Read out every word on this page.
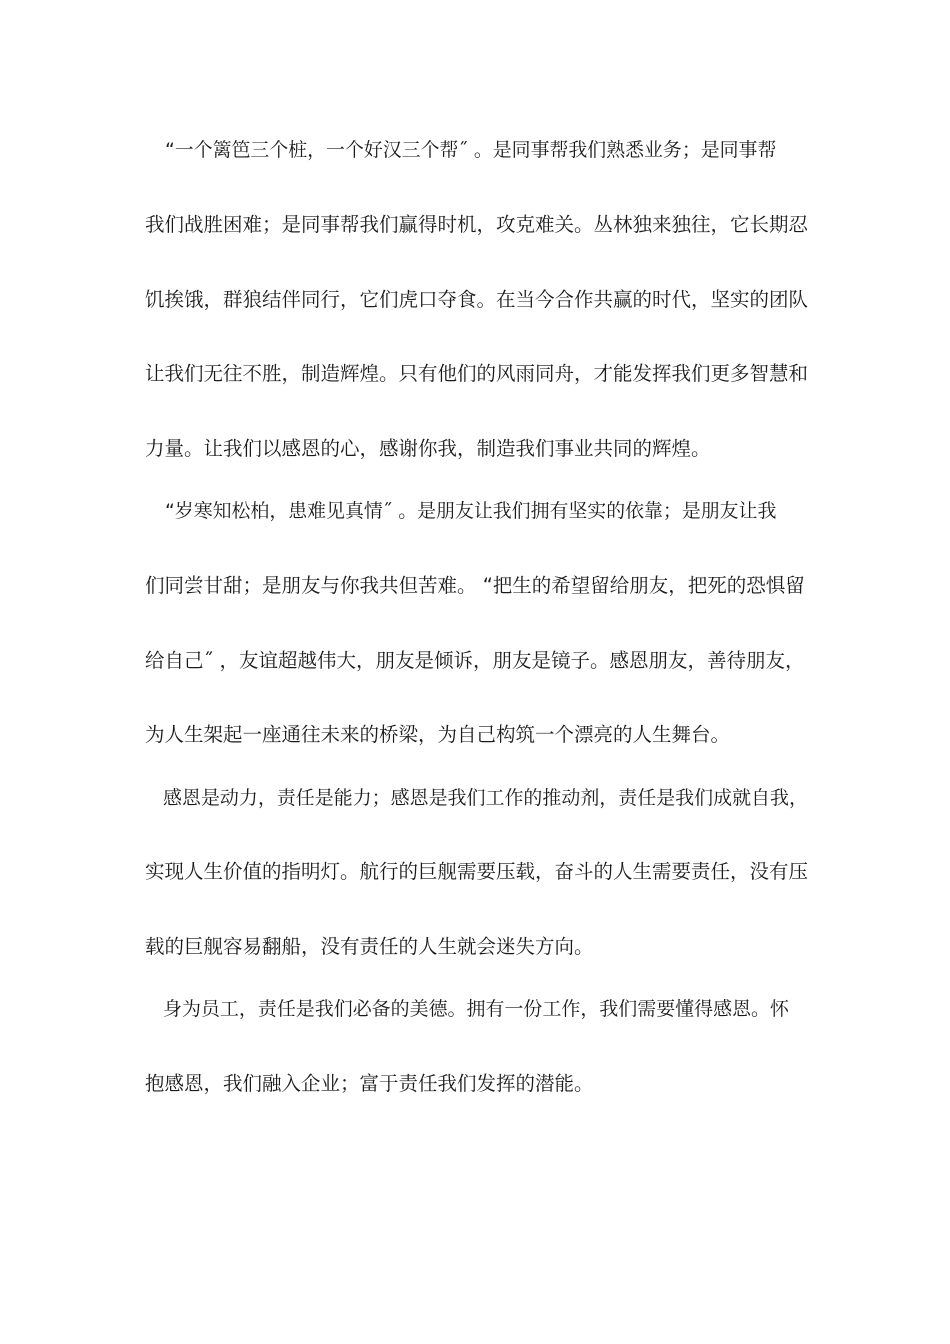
“一个篱笆三个桩，一个好汉三个帮˝ 。是同事帮我们熟悉业务；是同事帮
我们战胜困难；是同事帮我们赢得时机，攻克难关。丛林独来独往，它长期忍
饥挨饿，群狼结伴同行，它们虎口夺食。在当今合作共赢的时代，坚实的团队
让我们无往不胜，制造辉煌。只有他们的风雨同舟，才能发挥我们更多智慧和
力量。让我们以感恩的心，感谢你我，制造我们事业共同的辉煌。
“岁寒知松柏，患难见真情˝ 。是朋友让我们拥有坚实的依靠；是朋友让我
们同尝甘甜；是朋友与你我共但苦难。 “把生的希望留给朋友，把死的恐惧留
给自己˝ ，友谊超越伟大，朋友是倾诉，朋友是镜子。感恩朋友，善待朋友，
为人生架起一座通往未来的桥梁，为自己构筑一个漂亮的人生舞台。
感恩是动力，责任是能力；感恩是我们工作的推动剂，责任是我们成就自我，
实现人生价值的指明灯。航行的巨舰需要压载，奋斗的人生需要责任，没有压
载的巨舰容易翻船，没有责任的人生就会迷失方向。
身为员工，责任是我们必备的美德。拥有一份工作，我们需要懂得感恩。怀
抱感恩，我们融入企业；富于责任我们发挥的潜能。
